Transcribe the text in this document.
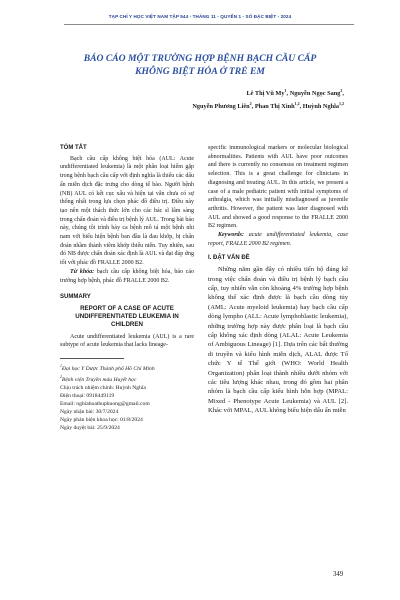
TẠP CHÍ Y HỌC VIỆT NAM TẬP 544 - THÁNG 11 - QUYỂN 1 - SỐ ĐẶC BIỆT - 2024
BÁO CÁO MỘT TRƯỜNG HỢP BỆNH BẠCH CẦU CẤP
KHÔNG BIỆT HÓA Ở TRẺ EM
Lê Thị Vũ My$^1$, Nguyễn Ngọc Sang$^2$,
Nguyễn Phương Liên$^2$, Phan Thị Xinh$^{1,2}$, Huỳnh Nghĩa$^{1,2}$
TÓM TẮT

Bạch cầu cấp không biệt hóa (AUL: Acute undifferentiated leukemia) là một phân loại hiếm gặp trong bệnh bạch cầu cấp với định nghĩa là thiếu các dấu ấn miễn dịch đặc trưng cho dòng tế bào. Người bệnh (NB) AUL có kết cục xấu và hiện tại vẫn chưa có sự thống nhất trong lựa chọn phác đồ điều trị. Điều này tạo nên một thách thức lớn cho các bác sĩ lâm sàng trong chẩn đoán và điều trị bệnh lý AUL. Trong bài báo này, chúng tôi trình bày ca bệnh mô tả một bệnh nhi nam với biểu hiện bệnh ban đầu là đau khớp, bị chẩn đoán nhầm thành viêm khớp thiếu niên. Tuy nhiên, sau đó NB được chẩn đoán xác định là AUL và đạt đáp ứng tốt với phác đồ FRALLE 2000 B2.

Từ khóa: bạch cầu cấp không biệt hóa, báo cáo trường hợp bệnh, phác đồ FRALLE 2000 B2.

SUMMARY
REPORT OF A CASE OF ACUTE UNDIFFERENTIATED LEUKEMIA IN CHILDREN

Acute undifferentiated leukemia (AUL) is a rare subtype of acute leukemia that lacks lineage-

$^1$Đại học Y Dược Thành phố Hồ Chí Minh
$^2$Bệnh viện Truyền máu Huyết học
Chịu trách nhiệm chính: Huỳnh Nghĩa
Điện thoại: 0918449119
Email: nghiahoathuphuong@gmail.com
Ngày nhận bài: 30/7/2024
Ngày phản biện khoa học: 01/8/2024
Ngày duyệt bài: 25/9/2024

specific immunological markers or molecular biological abnormalities. Patients with AUL have poor outcomes and there is currently no consensus on treatment regimen selection. This is a great challenge for clinicians in diagnosing and treating AUL. In this article, we present a case of a male pediatric patient with initial symptoms of arthralgia, which was initially misdiagnosed as juvenile arthritis. However, the patient was later diagnosed with AUL and showed a good response to the FRALLE 2000 B2 regimen.

Keywords: acute undifferentiated leukemia, case report, FRALLE 2000 B2 regimen.

I. ĐẶT VẤN ĐỀ

Những năm gần đây có nhiều tiến bộ đáng kể trong việc chẩn đoán và điều trị bệnh lý bạch cầu cấp, tuy nhiên vẫn còn khoảng 4% trường hợp bệnh không thể xác định được là bạch cầu dòng tủy (AML: Acute myeloid leukemia) hay bạch cầu cấp dòng lympho (ALL: Acute lymphoblastic leukemia), những trường hợp này được phân loại là bạch cầu cấp không xác định dòng (ALAL: Acute Leukemia of Ambiguous Lineage) [1]. Dựa trên các bất thường di truyền và kiểu hình miễn dịch, ALAL được Tổ chức Y tế Thế giới (WHO: World Health Organization) phân loại thành nhiều dưới nhóm với các tiêu lượng khác nhau, trong đó gồm hai phân nhóm là bạch cầu cấp kiểu hình hỗn hợp (MPAL: Mixed - Phenotype Acute Leukemia) và AUL [2]. Khác với MPAL, AUL không biểu hiện dấu ấn miễn

349
